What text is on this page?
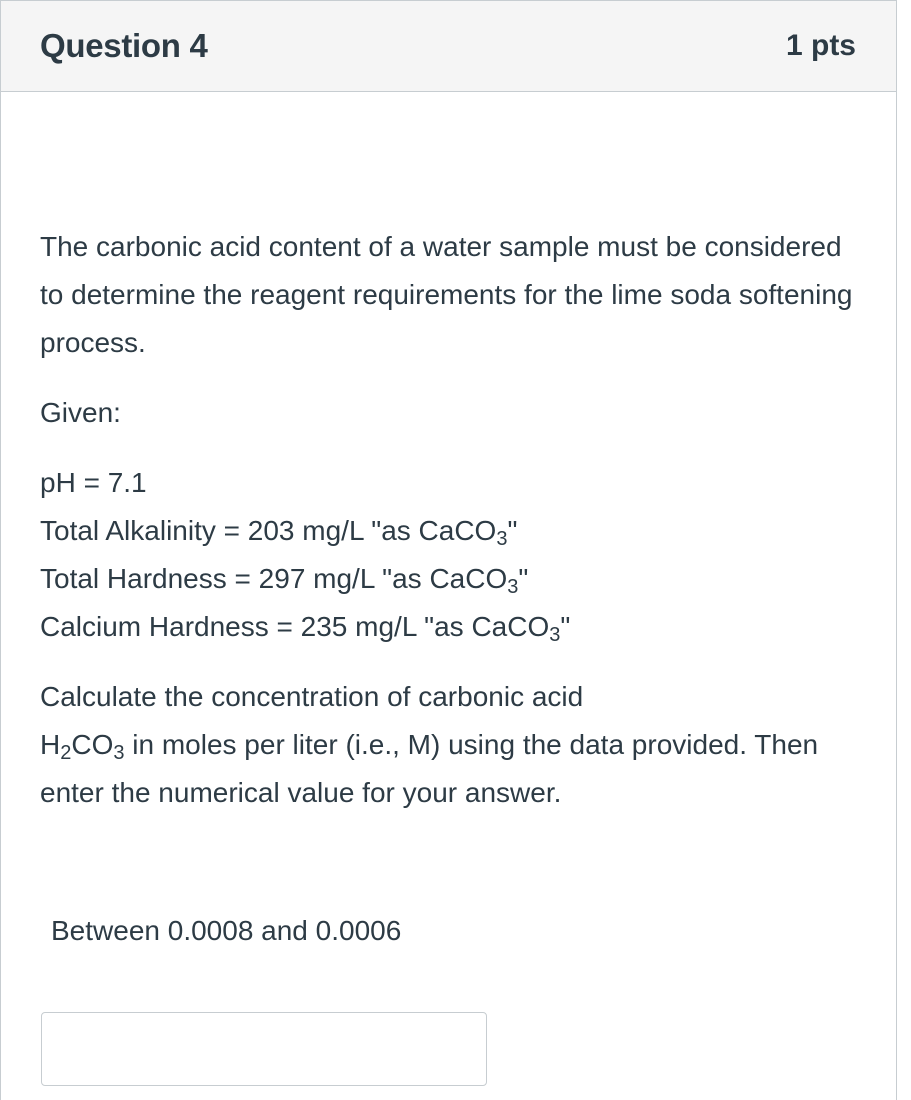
Question 4	1 pts

The carbonic acid content of a water sample must be considered to determine the reagent requirements for the lime soda softening process.

Given:

pH = 7.1
Total Alkalinity = 203 mg/L "as CaCO$_3$"
Total Hardness = 297 mg/L "as CaCO$_3$"
Calcium Hardness = 235 mg/L "as CaCO$_3$"

Calculate the concentration of carbonic acid
$H_2CO_3$ in moles per liter (i.e., M) using the data provided. Then enter the numerical value for your answer.

Between 0.0008 and 0.0006
